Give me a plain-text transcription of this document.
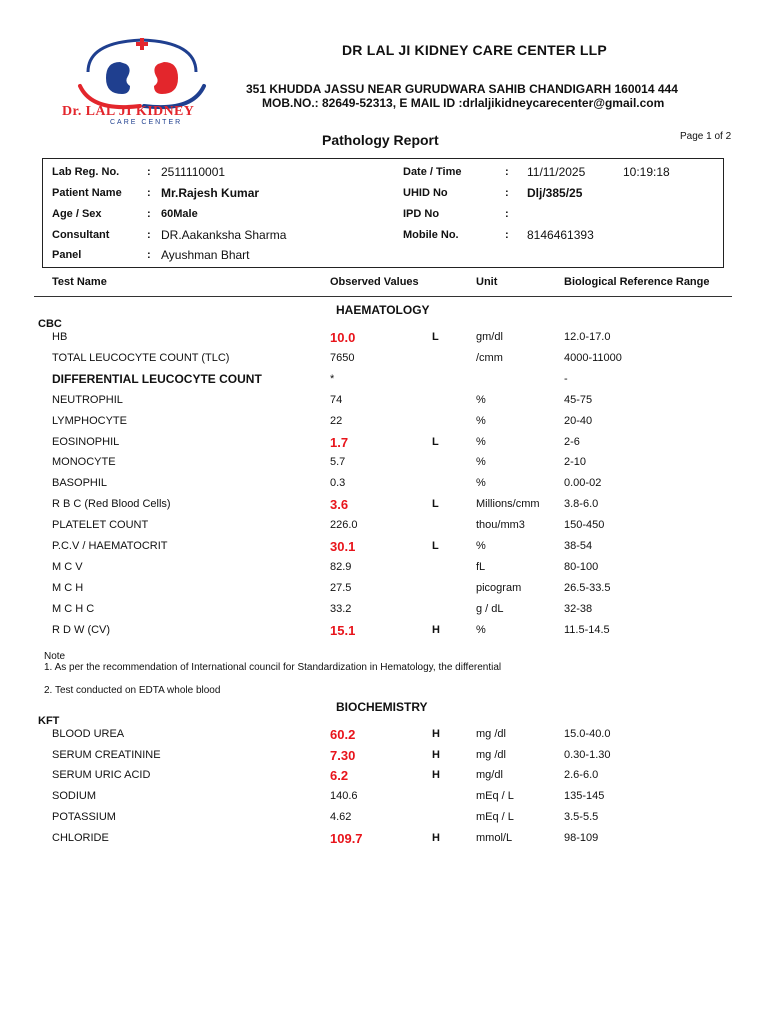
Dr. LAL JI KIDNEY
CARE CENTER
DR LAL JI KIDNEY CARE CENTER LLP
351 KHUDDA JASSU NEAR GURUDWARA SAHIB CHANDIGARH 160014 444
MOB.NO.: 82649-52313, E MAIL ID :drlaljikidneycarecenter@gmail.com
Pathology Report	Page 1 of 2
Lab Reg. No.	: 2511110001
Patient Name : Mr.Rajesh Kumar
Age / Sex	: 60Male
Consultant	: DR.Aakanksha Sharma
Panel	: Ayushman Bhart
Date / Time	: 11/11/2025	10:19:18
UHID No	: Dlj/385/25
IPD No	:
Mobile No.	: 8146461393
Test Name	Observed Values	Unit	Biological Reference Range
HAEMATOLOGY
CBC
HB	10.0	L	gm/dl	12.0-17.0
TOTAL LEUCOCYTE COUNT (TLC)	7650	/cmm	4000-11000
DIFFERENTIAL LEUCOCYTE COUNT	*	-
NEUTROPHIL	74	%	45-75
LYMPHOCYTE	22	%	20-40
EOSINOPHIL	1.7	L	%	2-6
MONOCYTE	5.7	%	2-10
BASOPHIL	0.3	%	0.00-02
R B C (Red Blood Cells)	3.6	L	Millions/cmm 3.8-6.0
PLATELET COUNT	226.0	thou/mm3	150-450
P.C.V / HAEMATOCRIT	30.1	L	%	38-54
M C V	82.9	fL	80-100
M C H	27.5	picogram	26.5-33.5
M C H C	33.2	g / dL	32-38
R D W (CV)	15.1	H	%	11.5-14.5
Note
1. As per the recommendation of International council for Standardization in Hematology, the differential
2. Test conducted on EDTA whole blood
BIOCHEMISTRY
KFT
BLOOD UREA	60.2	H	mg /dl	15.0-40.0
SERUM CREATININE	7.30	H	mg /dl	0.30-1.30
SERUM URIC ACID	6.2	H	mg/dl	2.6-6.0
SODIUM	140.6	mEq / L	135-145
POTASSIUM	4.62	mEq / L	3.5-5.5
CHLORIDE	109.7	H	mmol/L	98-109
